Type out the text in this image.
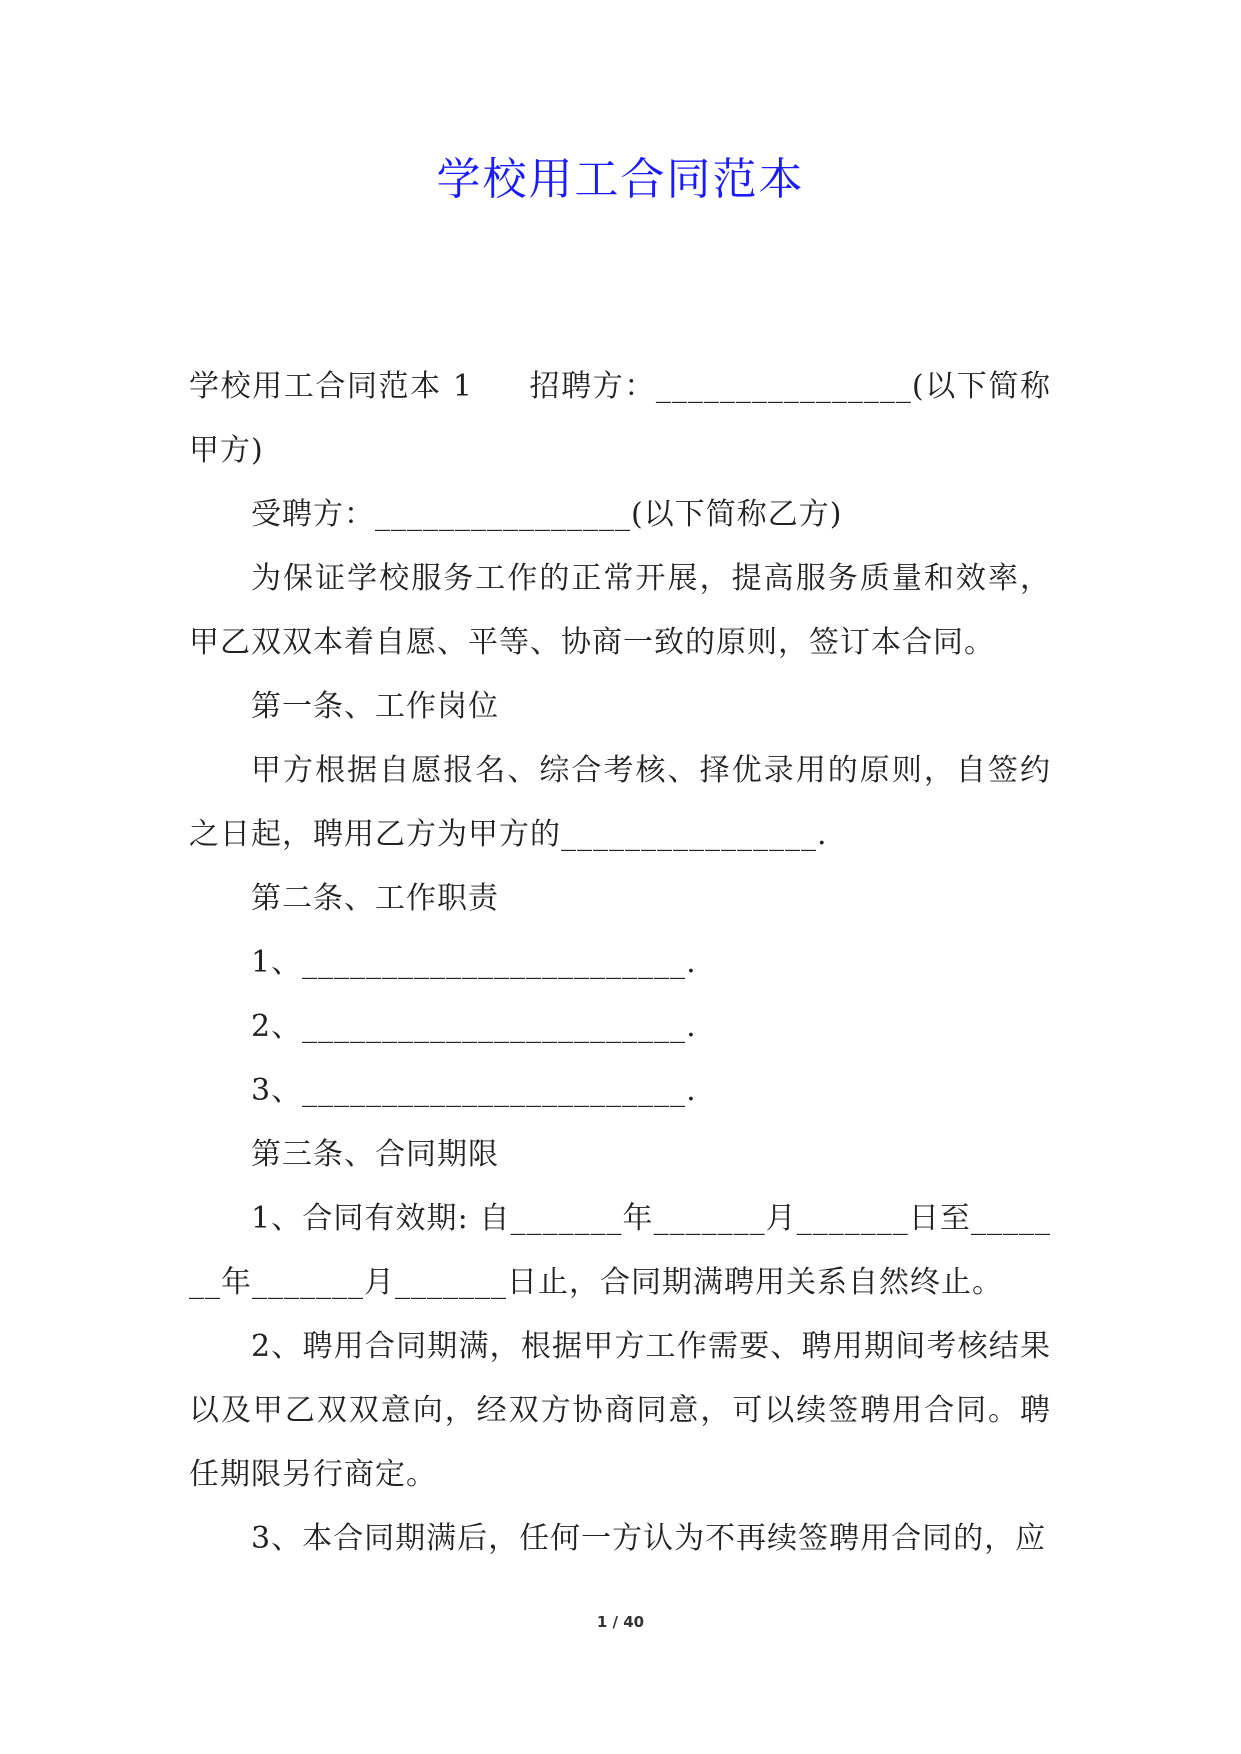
学校用工合同范本

学校用工合同范本 1 招聘方：________________(以下简称甲方)

受聘方：________________(以下简称乙方)

为保证学校服务工作的正常开展，提高服务质量和效率，甲乙双双本着自愿、平等、协商一致的原则，签订本合同。

第一条、工作岗位

甲方根据自愿报名、综合考核、择优录用的原则，自签约之日起，聘用乙方为甲方的________________.

第二条、工作职责

1、________________________.

2、________________________.

3、________________________.

第三条、合同期限

1、合同有效期: 自_______年_______月_______日至_______年_______月_______日止，合同期满聘用关系自然终止。

2、聘用合同期满，根据甲方工作需要、聘用期间考核结果以及甲乙双双意向，经双方协商同意，可以续签聘用合同。聘任期限另行商定。

3、本合同期满后，任何一方认为不再续签聘用合同的，应

1 / 40
